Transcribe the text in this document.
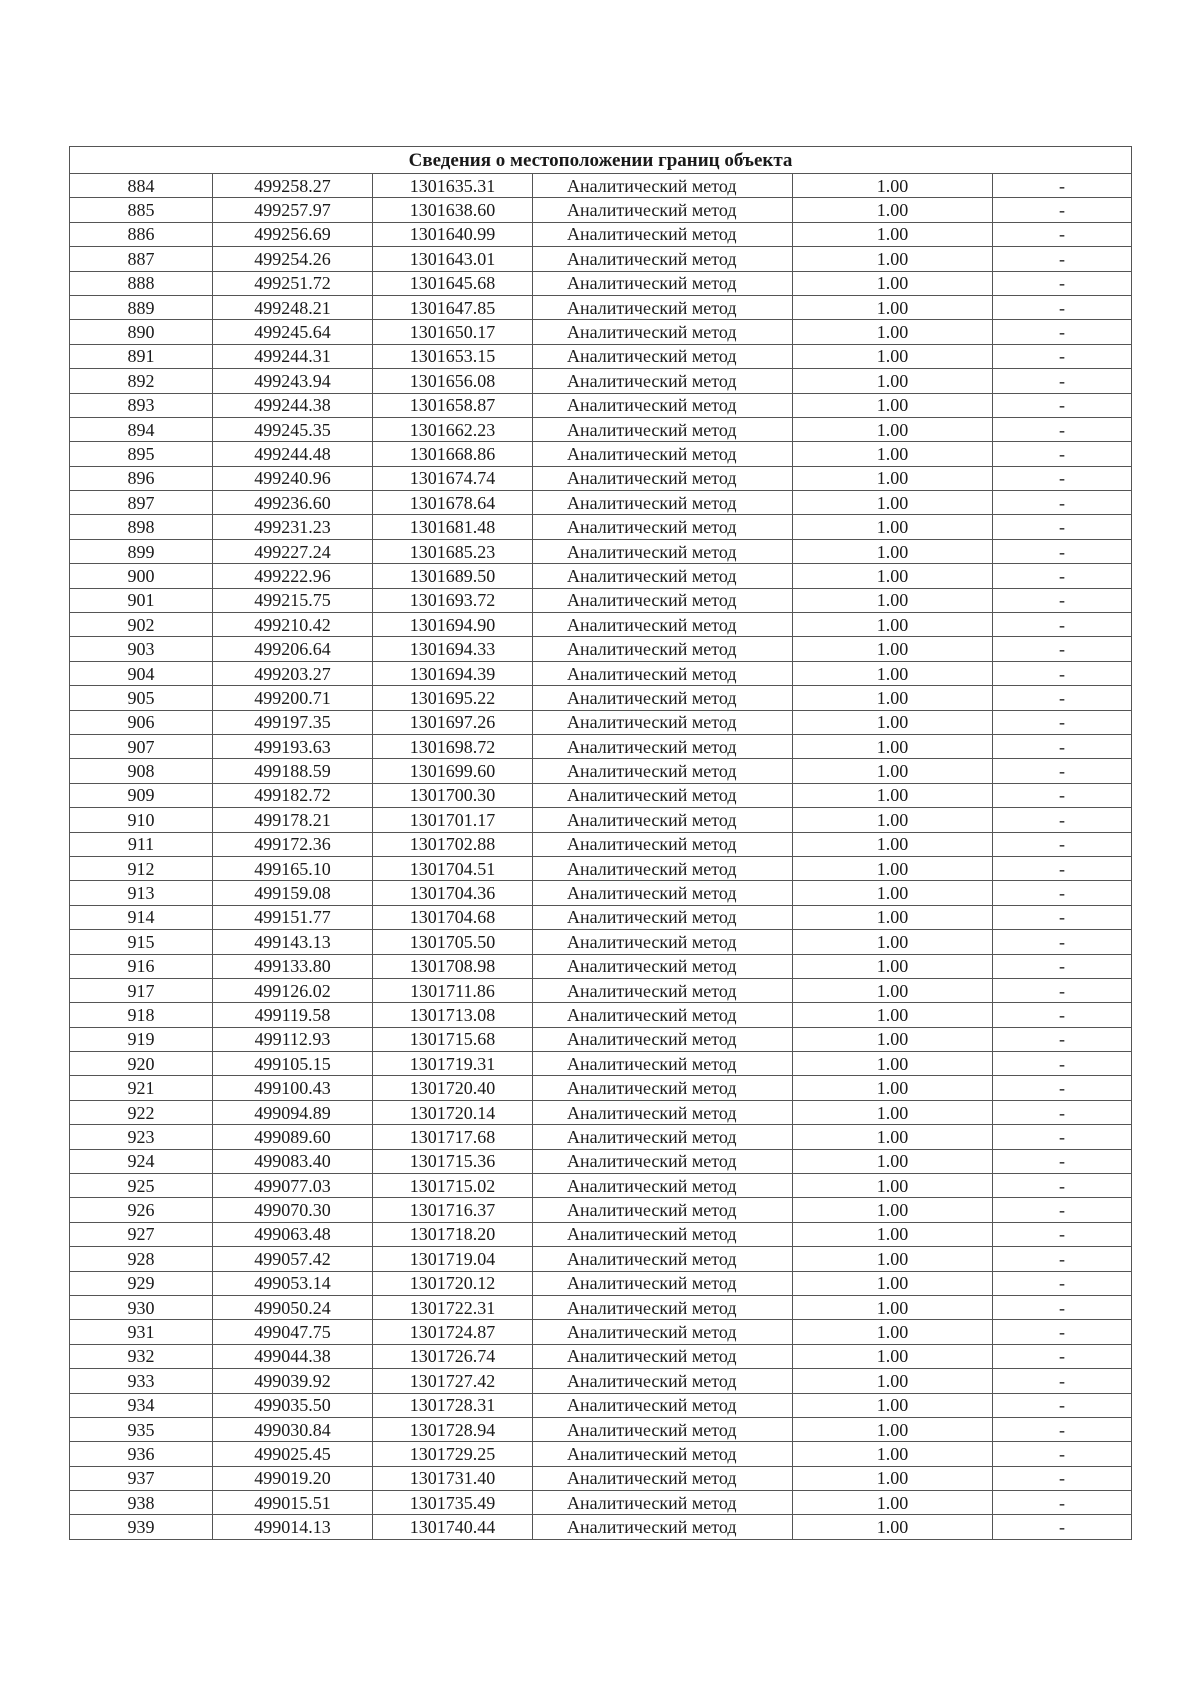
Сведения о местоположении границ объекта					
884	499258.27	1301635.31	Аналитический метод	1.00	-
885	499257.97	1301638.60	Аналитический метод	1.00	-
886	499256.69	1301640.99	Аналитический метод	1.00	-
887	499254.26	1301643.01	Аналитический метод	1.00	-
888	499251.72	1301645.68	Аналитический метод	1.00	-
889	499248.21	1301647.85	Аналитический метод	1.00	-
890	499245.64	1301650.17	Аналитический метод	1.00	-
891	499244.31	1301653.15	Аналитический метод	1.00	-
892	499243.94	1301656.08	Аналитический метод	1.00	-
893	499244.38	1301658.87	Аналитический метод	1.00	-
894	499245.35	1301662.23	Аналитический метод	1.00	-
895	499244.48	1301668.86	Аналитический метод	1.00	-
896	499240.96	1301674.74	Аналитический метод	1.00	-
897	499236.60	1301678.64	Аналитический метод	1.00	-
898	499231.23	1301681.48	Аналитический метод	1.00	-
899	499227.24	1301685.23	Аналитический метод	1.00	-
900	499222.96	1301689.50	Аналитический метод	1.00	-
901	499215.75	1301693.72	Аналитический метод	1.00	-
902	499210.42	1301694.90	Аналитический метод	1.00	-
903	499206.64	1301694.33	Аналитический метод	1.00	-
904	499203.27	1301694.39	Аналитический метод	1.00	-
905	499200.71	1301695.22	Аналитический метод	1.00	-
906	499197.35	1301697.26	Аналитический метод	1.00	-
907	499193.63	1301698.72	Аналитический метод	1.00	-
908	499188.59	1301699.60	Аналитический метод	1.00	-
909	499182.72	1301700.30	Аналитический метод	1.00	-
910	499178.21	1301701.17	Аналитический метод	1.00	-
911	499172.36	1301702.88	Аналитический метод	1.00	-
912	499165.10	1301704.51	Аналитический метод	1.00	-
913	499159.08	1301704.36	Аналитический метод	1.00	-
914	499151.77	1301704.68	Аналитический метод	1.00	-
915	499143.13	1301705.50	Аналитический метод	1.00	-
916	499133.80	1301708.98	Аналитический метод	1.00	-
917	499126.02	1301711.86	Аналитический метод	1.00	-
918	499119.58	1301713.08	Аналитический метод	1.00	-
919	499112.93	1301715.68	Аналитический метод	1.00	-
920	499105.15	1301719.31	Аналитический метод	1.00	-
921	499100.43	1301720.40	Аналитический метод	1.00	-
922	499094.89	1301720.14	Аналитический метод	1.00	-
923	499089.60	1301717.68	Аналитический метод	1.00	-
924	499083.40	1301715.36	Аналитический метод	1.00	-
925	499077.03	1301715.02	Аналитический метод	1.00	-
926	499070.30	1301716.37	Аналитический метод	1.00	-
927	499063.48	1301718.20	Аналитический метод	1.00	-
928	499057.42	1301719.04	Аналитический метод	1.00	-
929	499053.14	1301720.12	Аналитический метод	1.00	-
930	499050.24	1301722.31	Аналитический метод	1.00	-
931	499047.75	1301724.87	Аналитический метод	1.00	-
932	499044.38	1301726.74	Аналитический метод	1.00	-
933	499039.92	1301727.42	Аналитический метод	1.00	-
934	499035.50	1301728.31	Аналитический метод	1.00	-
935	499030.84	1301728.94	Аналитический метод	1.00	-
936	499025.45	1301729.25	Аналитический метод	1.00	-
937	499019.20	1301731.40	Аналитический метод	1.00	-
938	499015.51	1301735.49	Аналитический метод	1.00	-
939	499014.13	1301740.44	Аналитический метод	1.00	-
